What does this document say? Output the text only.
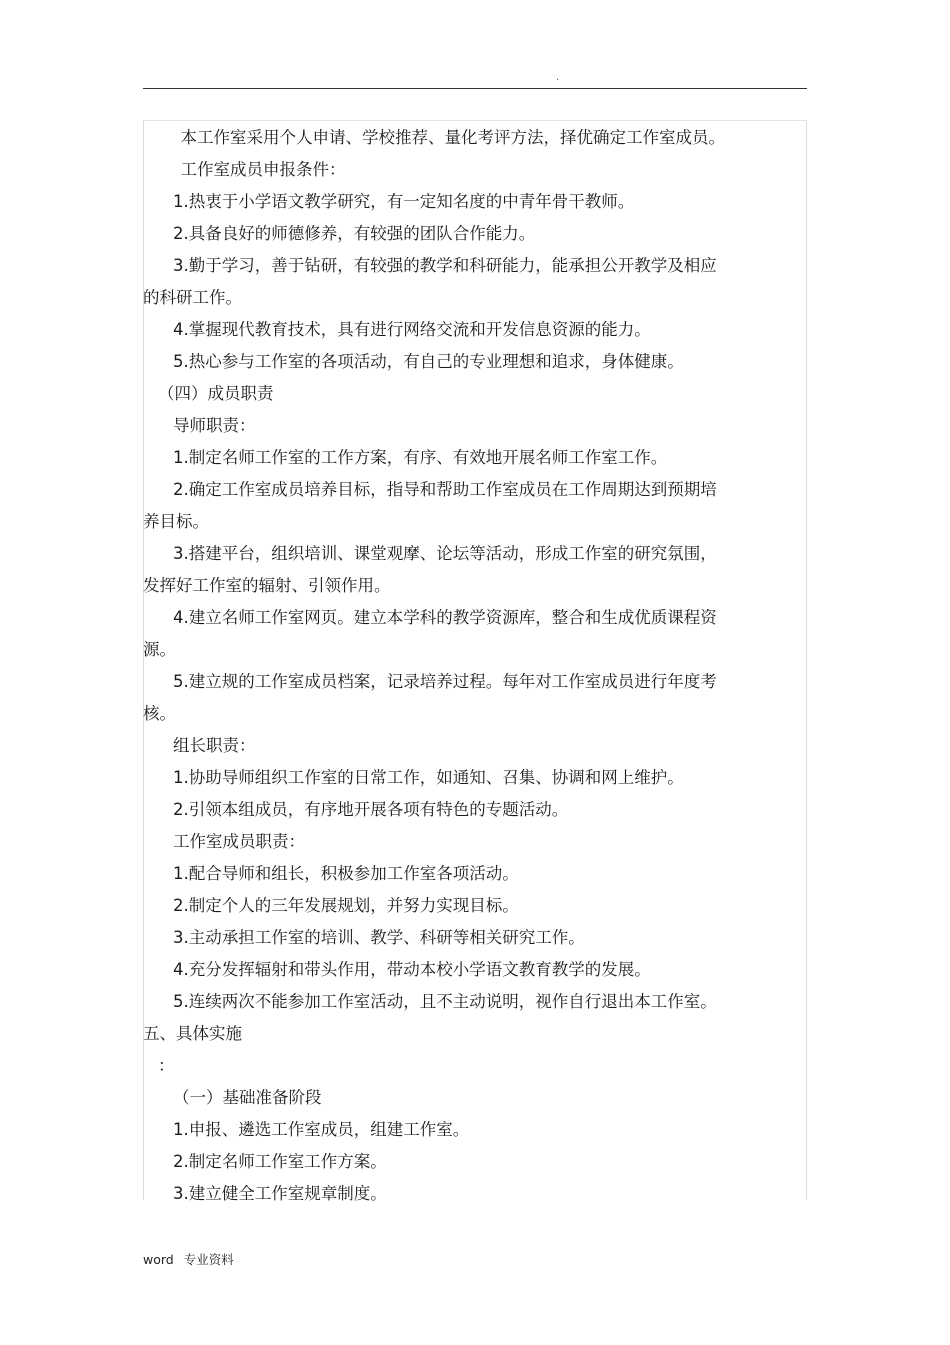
.
本工作室采用个人申请、学校推荐、量化考评方法，择优确定工作室成员。
工作室成员申报条件：
1.热衷于小学语文教学研究，有一定知名度的中青年骨干教师。
2.具备良好的师德修养，有较强的团队合作能力。
3.勤于学习，善于钻研，有较强的教学和科研能力，能承担公开教学及相应
的科研工作。
4.掌握现代教育技术，具有进行网络交流和开发信息资源的能力。
5.热心参与工作室的各项活动，有自己的专业理想和追求，身体健康。
（四）成员职责
导师职责：
1.制定名师工作室的工作方案，有序、有效地开展名师工作室工作。
2.确定工作室成员培养目标，指导和帮助工作室成员在工作周期达到预期培
养目标。
3.搭建平台，组织培训、课堂观摩、论坛等活动，形成工作室的研究氛围，
发挥好工作室的辐射、引领作用。
4.建立名师工作室网页。建立本学科的教学资源库，整合和生成优质课程资
源。
5.建立规的工作室成员档案，记录培养过程。每年对工作室成员进行年度考
核。
组长职责：
1.协助导师组织工作室的日常工作，如通知、召集、协调和网上维护。
2.引领本组成员，有序地开展各项有特色的专题活动。
工作室成员职责：
1.配合导师和组长，积极参加工作室各项活动。
2.制定个人的三年发展规划，并努力实现目标。
3.主动承担工作室的培训、教学、科研等相关研究工作。
4.充分发挥辐射和带头作用，带动本校小学语文教育教学的发展。
5.连续两次不能参加工作室活动，且不主动说明，视作自行退出本工作室。
五、具体实施
：
（一）基础准备阶段
1.申报、遴选工作室成员，组建工作室。
2.制定名师工作室工作方案。
3.建立健全工作室规章制度。
word 专业资料
